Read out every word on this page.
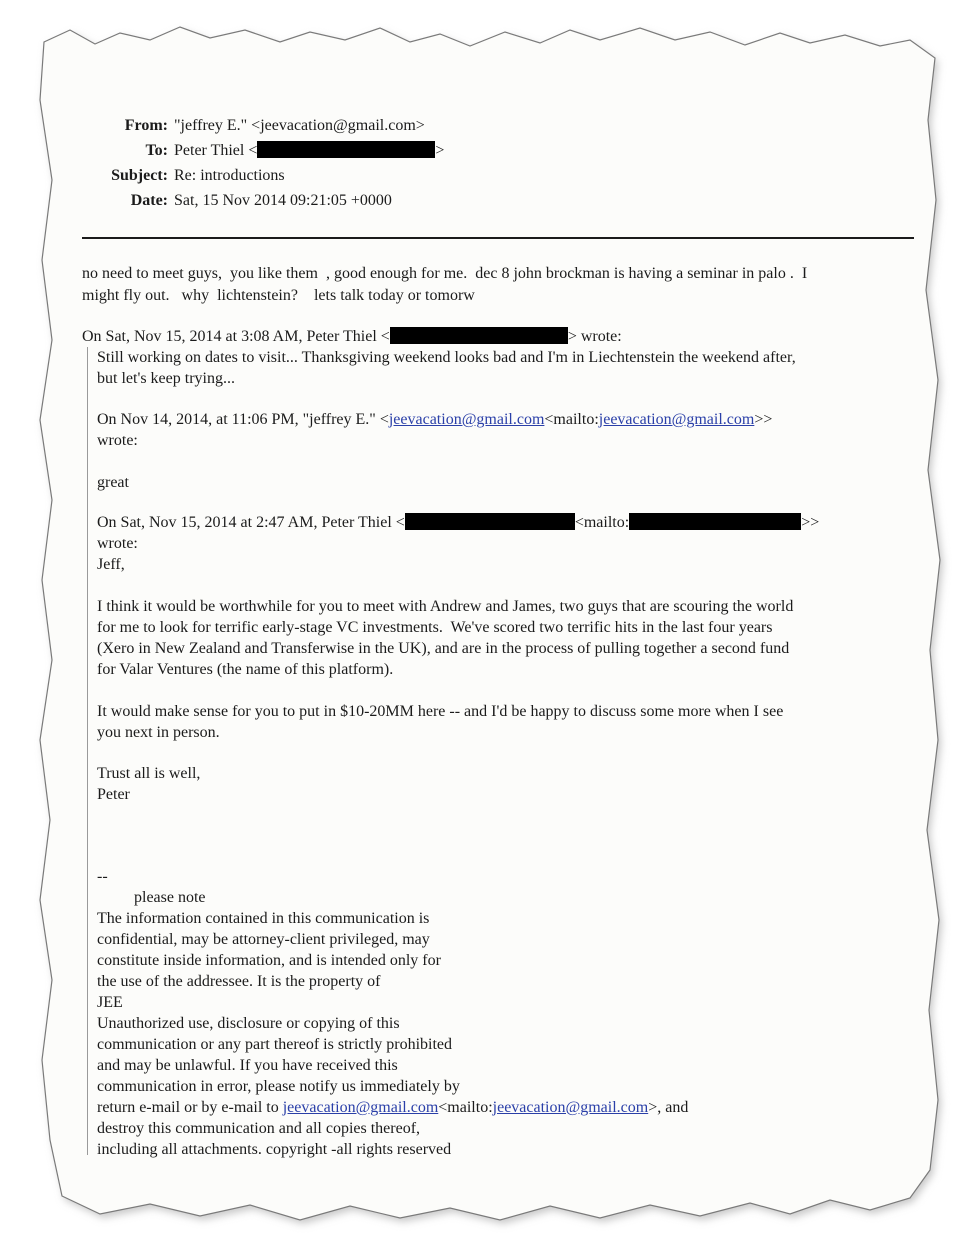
From: "jeffrey E." <jeevacation@gmail.com>
To: Peter Thiel <	>
Subject: Re: introductions
Date: Sat, 15 Nov 2014 09:21:05 +0000
no need to meet guys,  you like them  , good enough for me.  dec 8 john brockman is having a seminar in palo .  I
might fly out.   why  lichtenstein?    lets talk today or tomorw
On Sat, Nov 15, 2014 at 3:08 AM, Peter Thiel <	> wrote:
Still working on dates to visit... Thanksgiving weekend looks bad and I'm in Liechtenstein the weekend after,
but let's keep trying...
On Nov 14, 2014, at 11:06 PM, "jeffrey E." <jeevacation@gmail.com<mailto:jeevacation@gmail.com>>
wrote:
great
On Sat, Nov 15, 2014 at 2:47 AM, Peter Thiel <	<mailto:	>>
wrote:
Jeff,
I think it would be worthwhile for you to meet with Andrew and James, two guys that are scouring the world
for me to look for terrific early-stage VC investments.  We've scored two terrific hits in the last four years
(Xero in New Zealand and Transferwise in the UK), and are in the process of pulling together a second fund
for Valar Ventures (the name of this platform).
It would make sense for you to put in $10-20MM here -- and I'd be happy to discuss some more when I see
you next in person.
Trust all is well,
Peter
--
please note
The information contained in this communication is
confidential, may be attorney-client privileged, may
constitute inside information, and is intended only for
the use of the addressee. It is the property of
JEE
Unauthorized use, disclosure or copying of this
communication or any part thereof is strictly prohibited
and may be unlawful. If you have received this
communication in error, please notify us immediately by
return e-mail or by e-mail to jeevacation@gmail.com<mailto:jeevacation@gmail.com>, and
destroy this communication and all copies thereof,
including all attachments. copyright -all rights reserved
